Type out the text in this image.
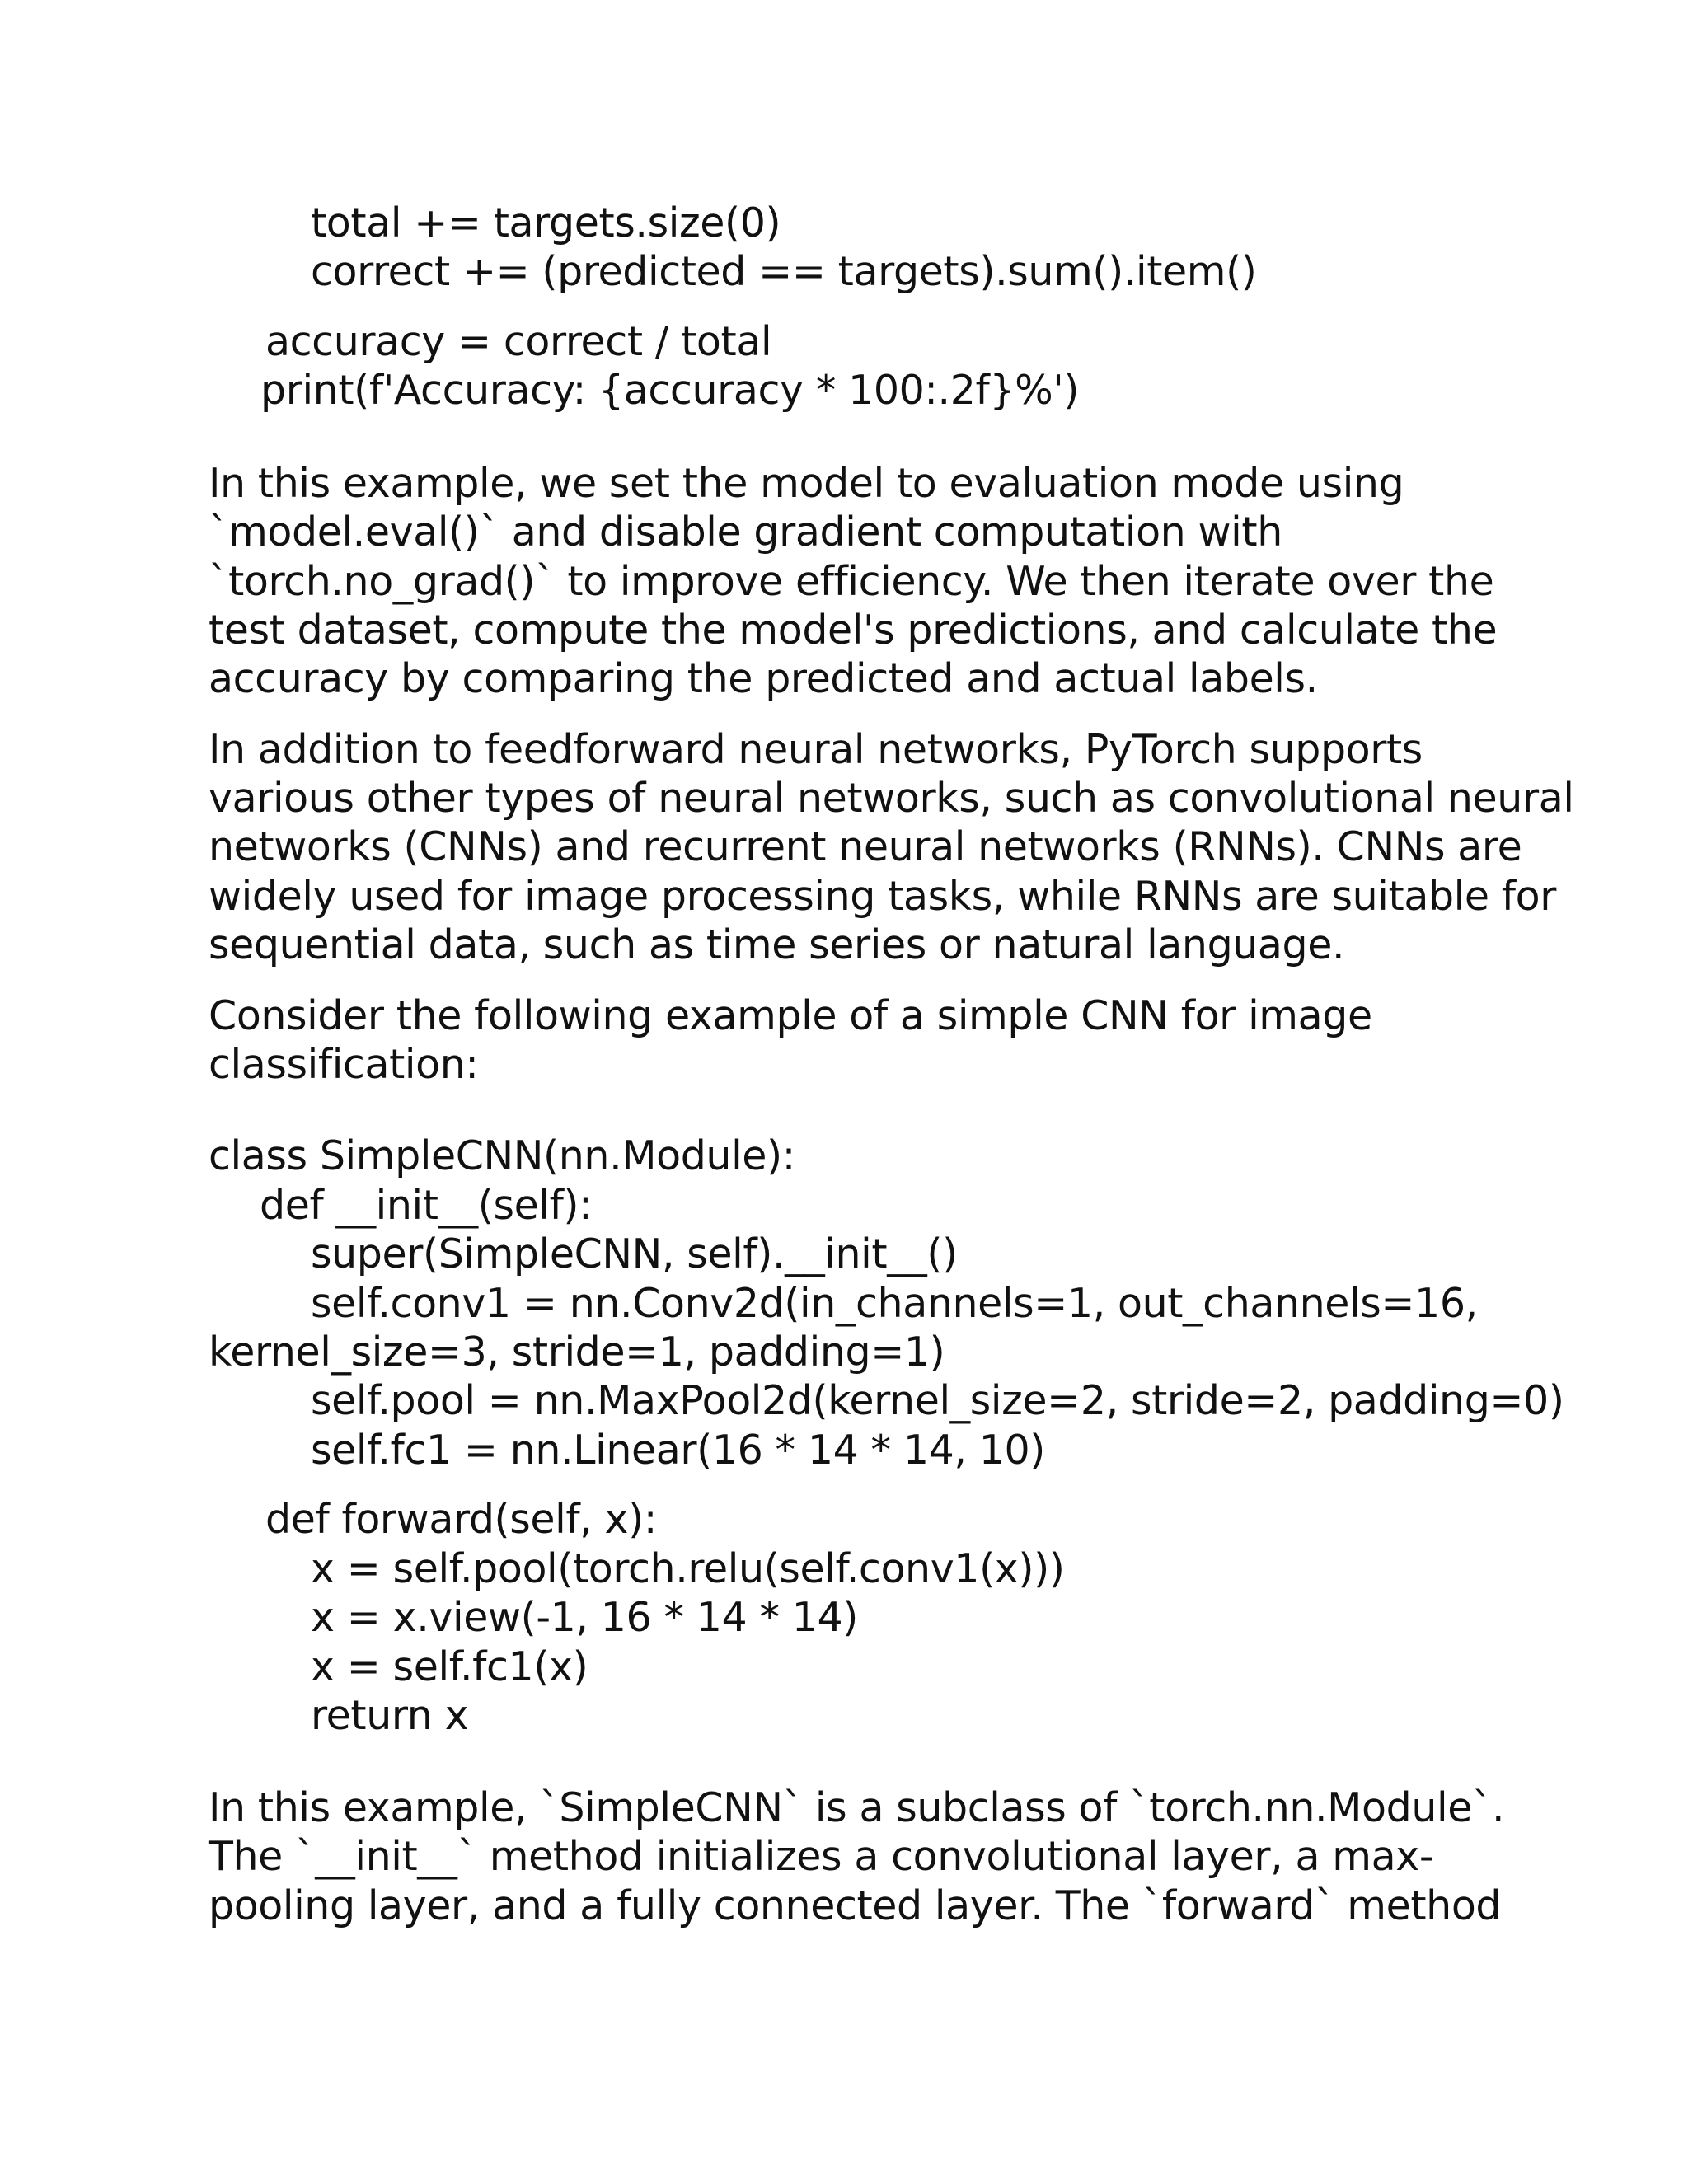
total += targets.size(0)
correct += (predicted == targets).sum().item()
accuracy = correct / total
print(f'Accuracy: {accuracy * 100:.2f}%')
In this example, we set the model to evaluation mode using
`model.eval()` and disable gradient computation with
`torch.no_grad()` to improve efficiency. We then iterate over the
test dataset, compute the model's predictions, and calculate the
accuracy by comparing the predicted and actual labels.
In addition to feedforward neural networks, PyTorch supports
various other types of neural networks, such as convolutional neural
networks (CNNs) and recurrent neural networks (RNNs). CNNs are
widely used for image processing tasks, while RNNs are suitable for
sequential data, such as time series or natural language.
Consider the following example of a simple CNN for image
classification:
class SimpleCNN(nn.Module):
def __init__(self):
super(SimpleCNN, self).__init__()
self.conv1 = nn.Conv2d(in_channels=1, out_channels=16,
kernel_size=3, stride=1, padding=1)
self.pool = nn.MaxPool2d(kernel_size=2, stride=2, padding=0)
self.fc1 = nn.Linear(16 * 14 * 14, 10)
def forward(self, x):
x = self.pool(torch.relu(self.conv1(x)))
x = x.view(-1, 16 * 14 * 14)
x = self.fc1(x)
return x
In this example, `SimpleCNN` is a subclass of `torch.nn.Module`.
The `__init__` method initializes a convolutional layer, a max-
pooling layer, and a fully connected layer. The `forward` method
